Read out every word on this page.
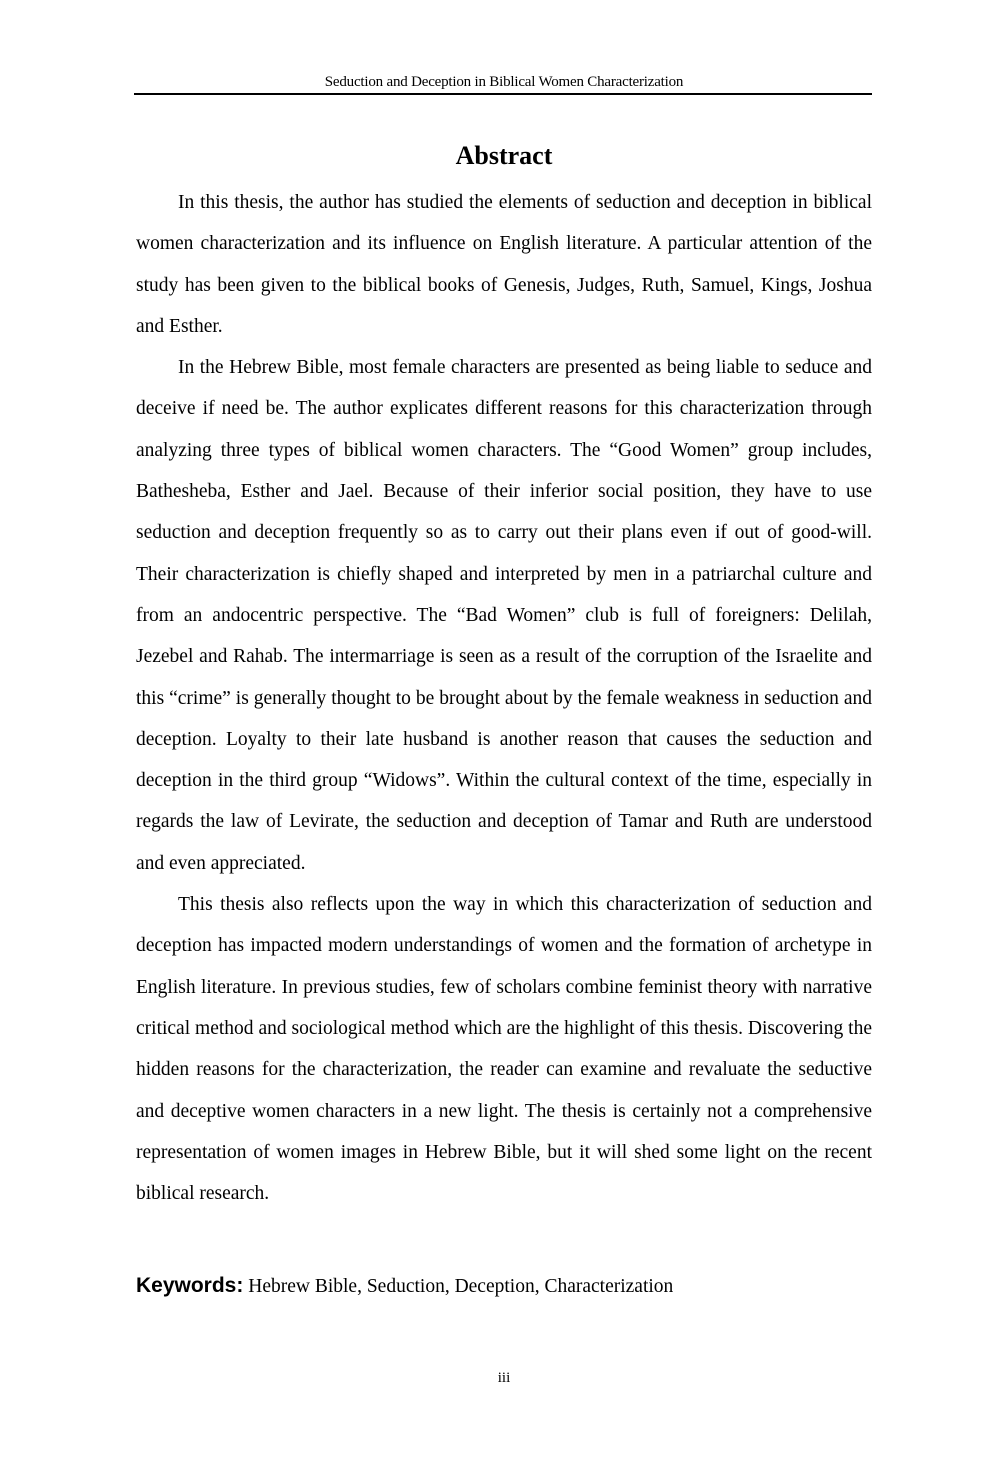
Seduction and Deception in Biblical Women Characterization
Abstract

In this thesis, the author has studied the elements of seduction and deception in biblical women characterization and its influence on English literature. A particular attention of the study has been given to the biblical books of Genesis, Judges, Ruth, Samuel, Kings, Joshua and Esther.

In the Hebrew Bible, most female characters are presented as being liable to seduce and deceive if need be. The author explicates different reasons for this characterization through analyzing three types of biblical women characters. The “Good Women” group includes, Bathesheba, Esther and Jael. Because of their inferior social position, they have to use seduction and deception frequently so as to carry out their plans even if out of good-will. Their characterization is chiefly shaped and interpreted by men in a patriarchal culture and from an andocentric perspective. The “Bad Women” club is full of foreigners: Delilah, Jezebel and Rahab. The intermarriage is seen as a result of the corruption of the Israelite and this “crime” is generally thought to be brought about by the female weakness in seduction and deception. Loyalty to their late husband is another reason that causes the seduction and deception in the third group “Widows”. Within the cultural context of the time, especially in regards the law of Levirate, the seduction and deception of Tamar and Ruth are understood and even appreciated.

This thesis also reflects upon the way in which this characterization of seduction and deception has impacted modern understandings of women and the formation of archetype in English literature. In previous studies, few of scholars combine feminist theory with narrative critical method and sociological method which are the highlight of this thesis. Discovering the hidden reasons for the characterization, the reader can examine and revaluate the seductive and deceptive women characters in a new light. The thesis is certainly not a comprehensive representation of women images in Hebrew Bible, but it will shed some light on the recent biblical research.

Keywords: Hebrew Bible, Seduction, Deception, Characterization
iii
